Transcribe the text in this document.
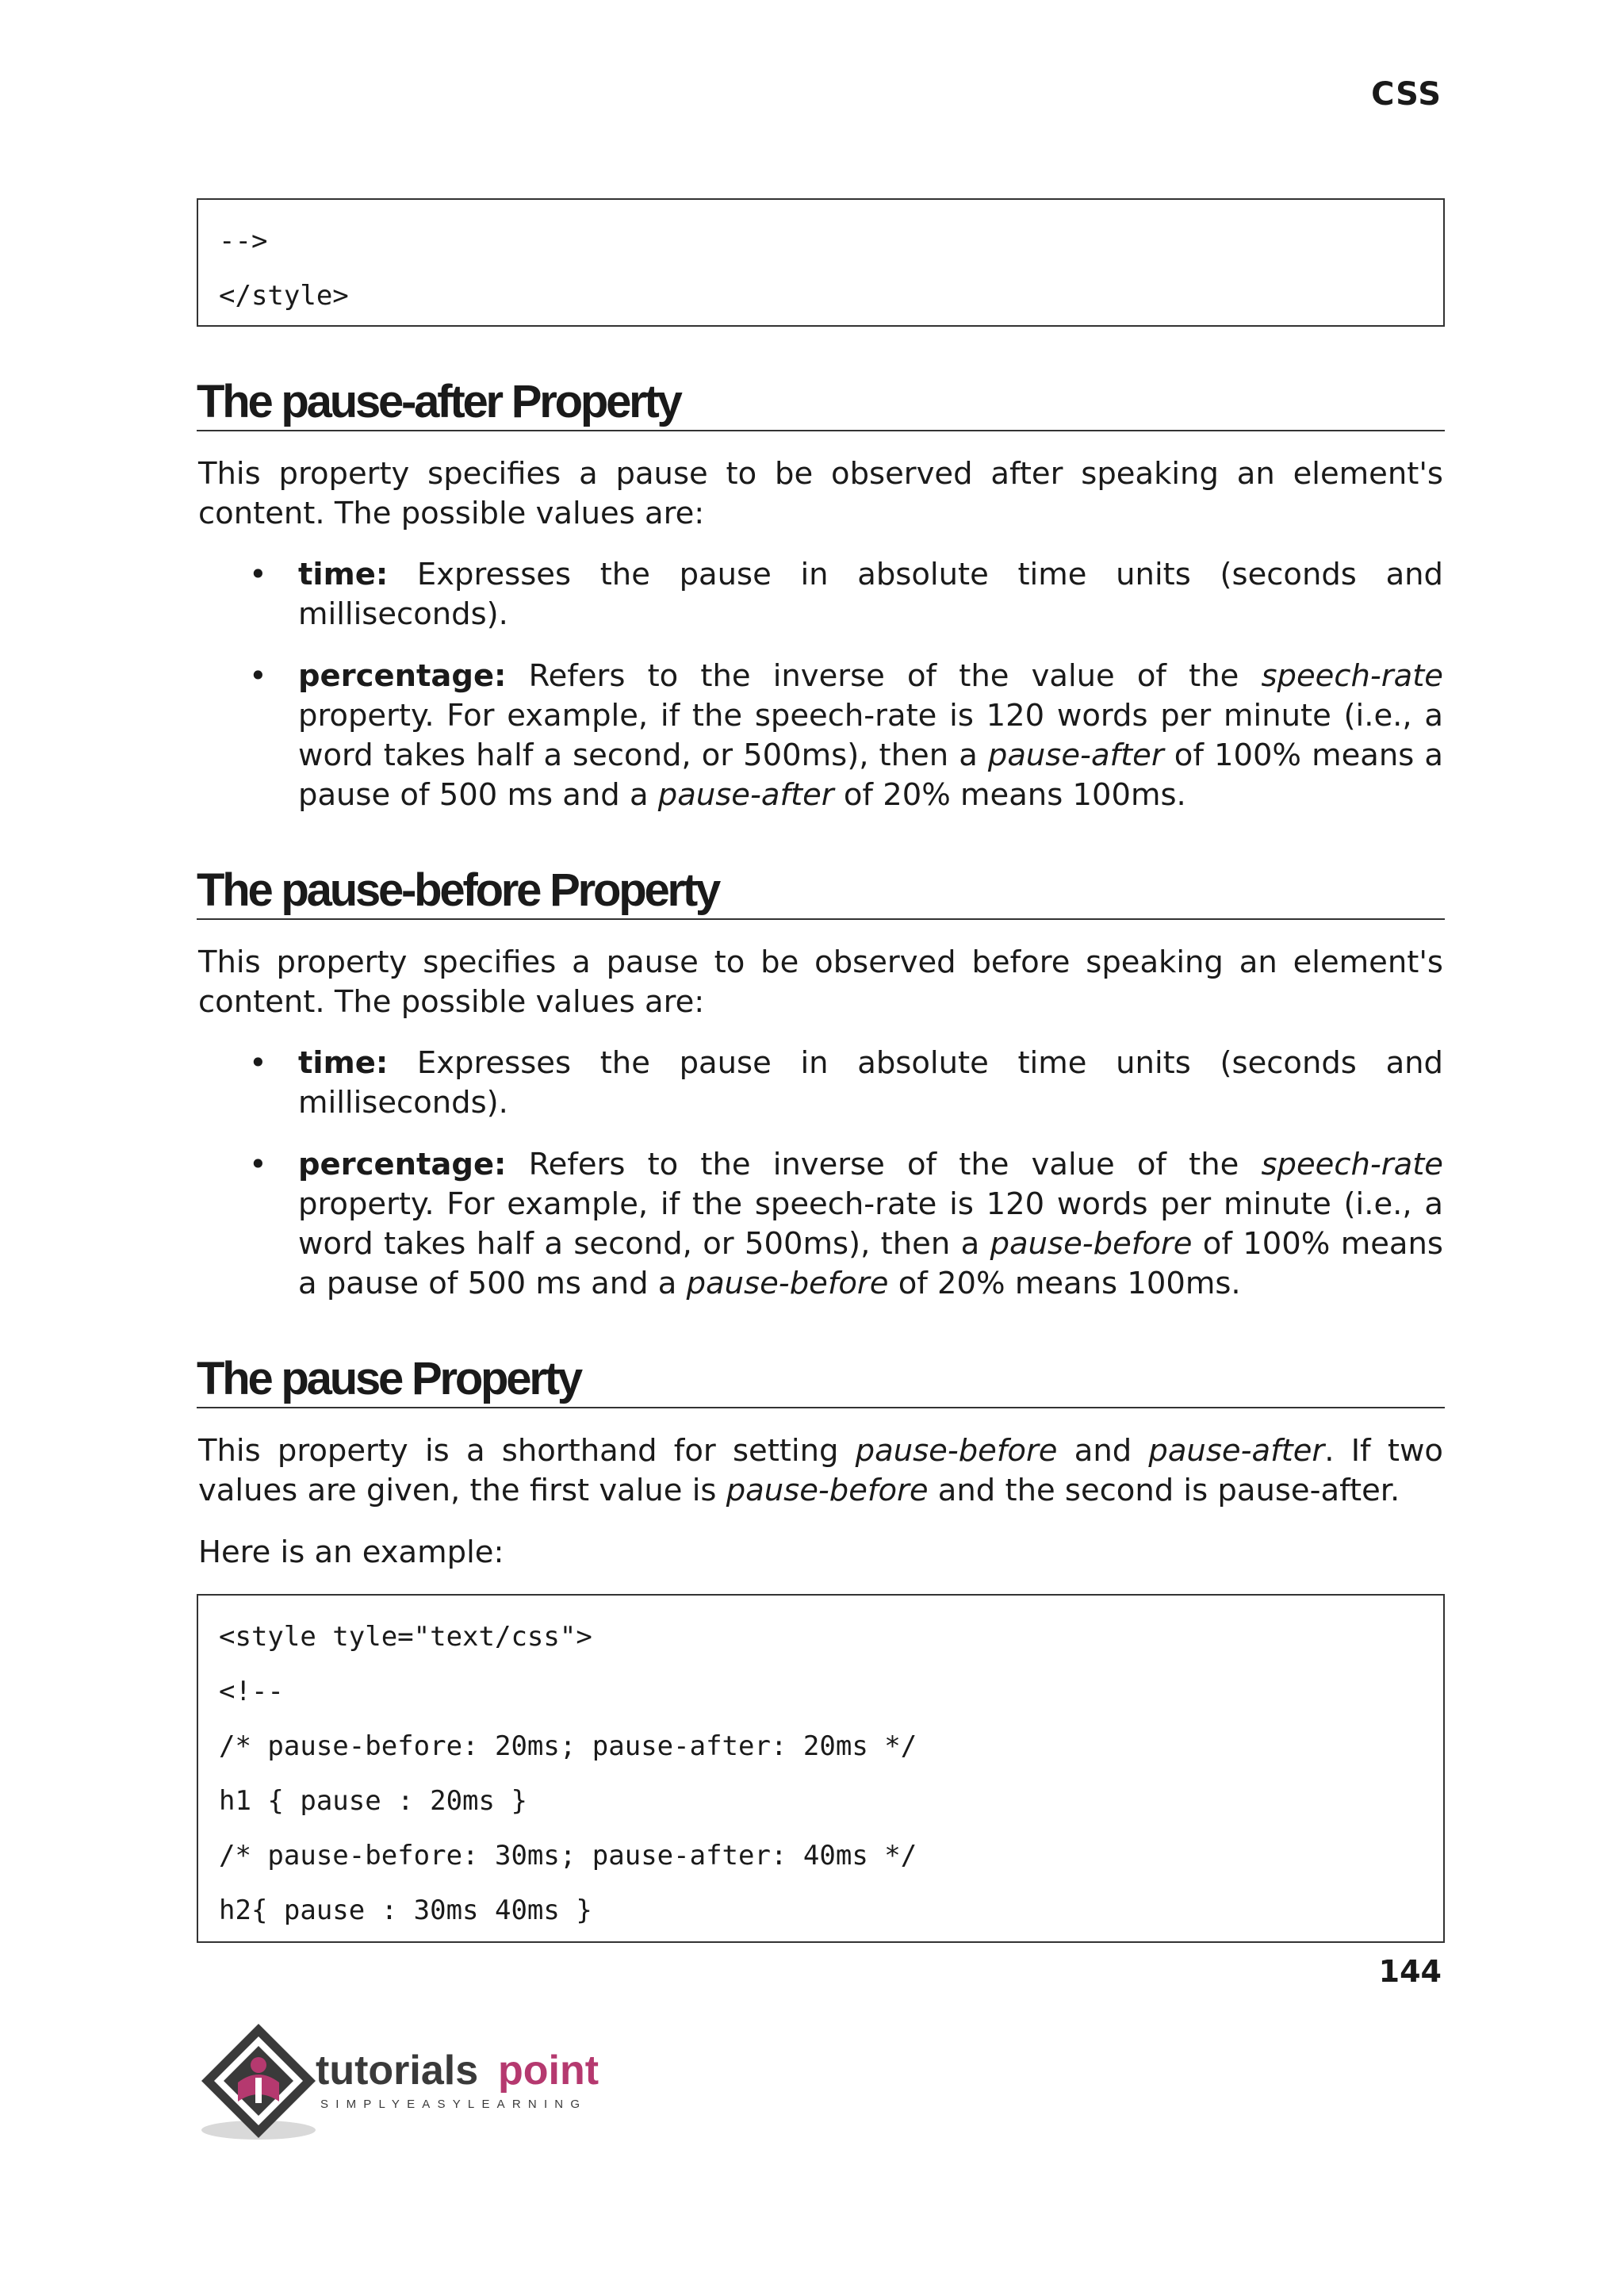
CSS
-->
</style>
The pause-after Property
This property specifies a pause to be observed after speaking an element's content. The possible values are:
• time: Expresses the pause in absolute time units (seconds and milliseconds).
• percentage: Refers to the inverse of the value of the speech-rate property. For example, if the speech-rate is 120 words per minute (i.e., a word takes half a second, or 500ms), then a pause-after of 100% means a pause of 500 ms and a pause-after of 20% means 100ms.
The pause-before Property
This property specifies a pause to be observed before speaking an element's content. The possible values are:
• time: Expresses the pause in absolute time units (seconds and milliseconds).
• percentage: Refers to the inverse of the value of the speech-rate property. For example, if the speech-rate is 120 words per minute (i.e., a word takes half a second, or 500ms), then a pause-before of 100% means a pause of 500 ms and a pause-before of 20% means 100ms.
The pause Property
This property is a shorthand for setting pause-before and pause-after. If two values are given, the first value is pause-before and the second is pause-after.
Here is an example:
<style tyle="text/css">
<!--
/* pause-before: 20ms; pause-after: 20ms */
h1 { pause : 20ms }
/* pause-before: 30ms; pause-after: 40ms */
h2{ pause : 30ms 40ms }
144
tutorials point
SIMPLYEASYLEARNING
